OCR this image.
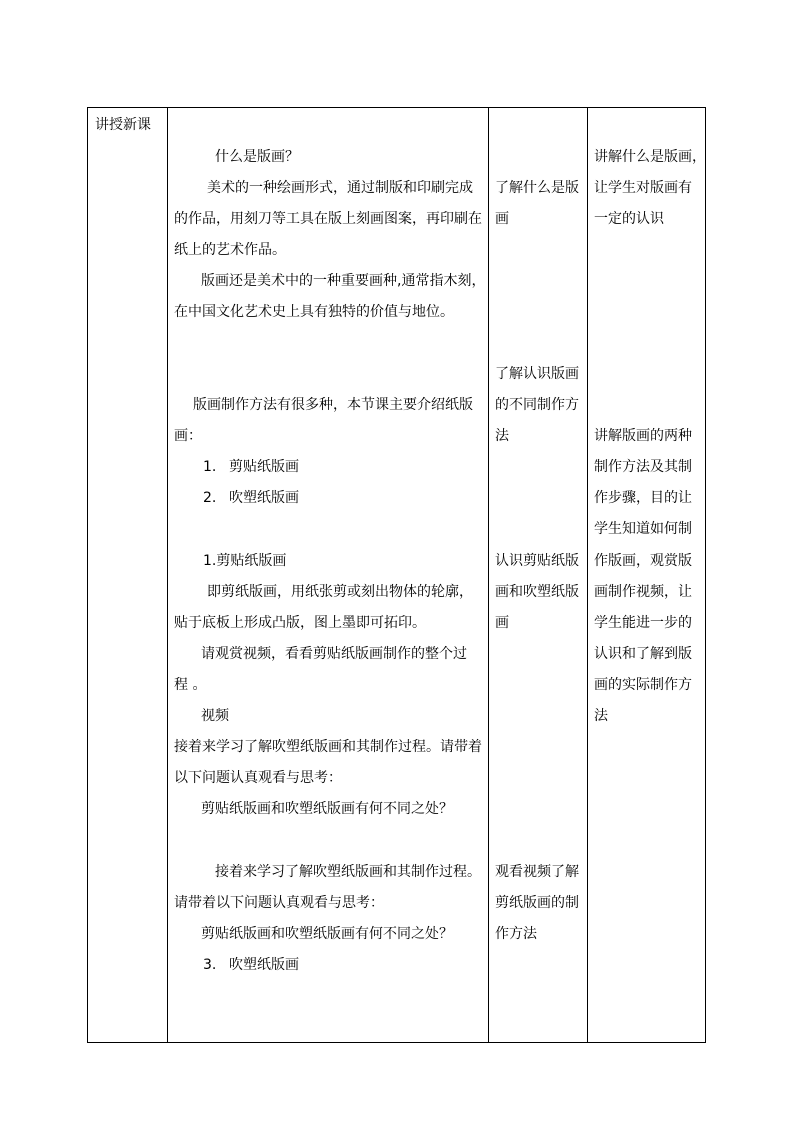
讲授新课
什么是版画？
美术的一种绘画形式，通过制版和印刷完成
的作品，用刻刀等工具在版上刻画图案，再印刷在
纸上的艺术作品。
版画还是美术中的一种重要画种,通常指木刻，
在中国文化艺术史上具有独特的价值与地位。
版画制作方法有很多种，本节课主要介绍纸版
画：
1. 剪贴纸版画
2. 吹塑纸版画
1.剪贴纸版画
即剪纸版画，用纸张剪或刻出物体的轮廓，
贴于底板上形成凸版，图上墨即可拓印。
请观赏视频，看看剪贴纸版画制作的整个过
程 。
视频
接着来学习了解吹塑纸版画和其制作过程。请带着
以下问题认真观看与思考：
剪贴纸版画和吹塑纸版画有何不同之处？
接着来学习了解吹塑纸版画和其制作过程。
请带着以下问题认真观看与思考：
剪贴纸版画和吹塑纸版画有何不同之处？
3. 吹塑纸版画
了解什么是版
画
了解认识版画
的不同制作方
法
认识剪贴纸版
画和吹塑纸版
画
观看视频了解
剪纸版画的制
作方法
讲解什么是版画，
让学生对版画有
一定的认识
讲解版画的两种
制作方法及其制
作步骤，目的让
学生知道如何制
作版画，观赏版
画制作视频，让
学生能进一步的
认识和了解到版
画的实际制作方
法
